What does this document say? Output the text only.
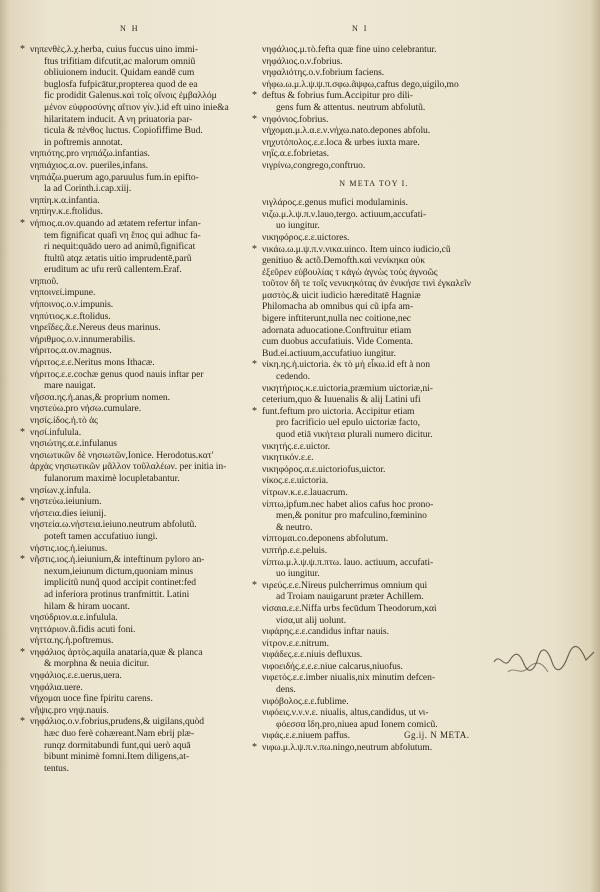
N H	N I
* νηπενθὲς.λ.χ.herba, cuius fuccus uino immi-
ftus trifitiam difcutit,ac malorum omniũ
obliuionem inducit. Quidam eandē cum
buglosfa fufpicātur,propterea quod de ea
fic prodidit Galenus.καὶ τοῖς οἴνοις ἐμβαλλόμ
μένον εὐφροσύνης αἴτιον γίν.).id eft uino inie&a
hilaritatem inducit. A νη priuatoria par-
ticula & πένθος luctus. Copiofiffime Bud.
in poftremis annotat.
νηπιότης.pro νηπιάζω.infantias.
νηπιάχιος.α.ον. pueriles,infans.
νηπιάζω.puerum ago,paruulus fum.in epifto-
la ad Corinth.i.cap.xiij.
νηπίη.κ.α.infantia.
νηπίην.κ.ε.ftolidus.
* νήπιος.α.ον.quando ad ætatem refertur infan-
tem fignificat quafi νη ἔπος qui adhuc fa-
ri nequit:quādo uero ad animũ,fignificat
ftultũ atqz ætatis uitio imprudentē,parũ
eruditum ac ufu rerũ callentem.Eraf.
νηπιοῦ.
νηποινεί.impune.
νήποινος.ο.ν.impunis.
νηπύτιος.κ.ε.ftolidus.
νηρεΐδες.ᾶ.ε.Nereus deus marinus.
νήριθμος.ο.ν.innumerabilis.
νήριτος.α.ον.magnus.
νήριτος.ε.ε.Neritus mons Ithacæ.
νήριτος.ε.ε.cochæ genus quod nauis inftar per
mare nauigat.
νῆσσα.ης.ἡ.anas,& proprium nomen.
νηστεύω.pro νήσω.cumulare.
νησίς.ίδος.ἡ.τὸ ἀς
* νησί.infulula.
νησιώτης.α.ε.infulanus
νησιωτικῶν δὲ νησιωτῶν,Ionice. Herodotus.κατ'
ἀρχὰς νησιωτικῶν μᾶλλον τοῦλαλέων. per initia in-
fulanorum maximè locupletabantur.
νησίων.χ.infula.
* νηστεύω.ieiunium.
νήστεια.dies ieiunij.
νηστεία.ω.νήστεια.ieiuno.neutrum abfolutũ.
poteft tamen accufatiuo iungi.
νήστις.ιος.ἡ.ieiunus.
* νῆστις.ιος.ἡ.ieiunium,& inteftinum pyloro an-
nexum,ieiunum dictum,quoniam minus
implicitũ nunq̃ quod accipit continet:fed
ad inferiora protinus tranfmittit. Latini
hilam & hiram uocant.
νησύδριον.α.ε.infulula.
νηττάριον.ᾶ.fidis acuti foni.
νήττα.ης.ἡ.poftremus.
* νηφάλιος ἀρτὸς.aquila anataria,quæ & planca
& morphna & neuia dicitur.
νηφάλιος.ε.ε.uerus,uera.
νηφάλια.uere.
νήχομαι uoce fine fpiritu carens.
νῆψις.pro νηψ.nauis.
* νηφάλιος.ο.ν.fobrius,prudens,& uigilans,quòd
hæc duo ferè cohæreant.Nam ebrij plæ-
runqz dormitabundi funt,qui uerò aquā
bibunt minimè fomni.Item diligens,at-
tentus.
νηφάλιος.μ.τὸ.fefta quæ fine uino celebrantur.
νηφάλιος.ο.ν.fobrius.
νηφαλιότης.ο.ν.fobrium faciens.
νήφω.ω.μ.λ.ψ.ψ.π.σφω.ᾶψφω,caftus dego,uigilo,mo
* deftus & fobrius fum.Accipitur pro dili-
gens fum & attentus. neutrum abfolutũ.
* νηφόνιος.fobrius.
νήχομαι.μ.λ.α.ε.ν.νήχω.nato.depones abfolu.
νηχυτόπολος.ε.ε.loca & urbes iuxta mare.
νηΐς.α.ε.fobrietas.
νιγρίνω,congrego,conftruo.
N META TOY I.
νιγλάρος.ε.genus mufici modulaminis.
νιζω.μ.λ.ψ.π.ν.lauo,tergo. actiuum,accufati-
uo iungitur.
νικηφόρος.ε.ε.uictores.
* νικάω.ω.μ.ψ.π.ν.νικα.uinco. Item uinco iudicio,cũ
genitiuo & actõ.Demofth.καὶ νενίκηκα οὐκ
ἐξεῦρεν εὐβουλίας τ κἀγὼ ἀγνὼς τοὺς ἀγνοῶς
τοῦτον δῆ τε τοῖς νενικηκότας ἀν ἐνικήσε τινὶ ἐγκαλεῖν
μαστὸς.& uicit iudicio hæreditatē Hagniæ
Philomacha ab omnibus qui cũ ipfa am-
bigere inftiterunt,nulla nec coitione,nec
adornata aduocatione.Conftruitur etiam
cum duobus accufatiuis. Vide Comenta.
Bud.ei.actiuum,accufatiuo iungitur.
* νίκη.ης.ἡ.uictoria. ἐκ τὸ μὴ εἶκω.id eft à non
cedendo.
νικητήριος.κ.ε.uictoria,præmium uictoriæ,ni-
ceterium,quo & Iuuenalis & alij Latini ufi
* funt.feftum pro uictoria. Accipitur etiam
pro facrificio uel epulo uictoriæ facto,
quod etiā νικήτεια plurali numero dicitur.
νικητής.ε.ε.uictor.
νικητικόν.ε.ε.
νικηφόρος.α.ε.uictoriofus,uictor.
νίκος.ε.ε.uictoria.
νίτρων.κ.ε.ε.lauacrum.
νίπτω,ipfum.nec habet alios cafus hoc prono-
men,& ponitur pro mafculino,fœminino
& neutro.
νίπτομαι.co.deponens abfolutum.
νιπτήρ.ε.ε.peluis.
νίπτω.μ.λ.ψ.ψ.π.πτω. lauo. actiuum, accufati-
uo iungitur.
* νιρεύς.ε.ε.Nireus pulcherrimus omnium qui
ad Troiam nauigarunt præter Achillem.
νίσαια.ε.ε.Niffa urbs fecūdum Theodorum,καὶ
νίσα,ut alij uolunt.
νιφάρης.ε.ε.candidus inftar nauis.
νίτρον.ε.ε.nitrum.
νιφάδες.ε.ε.niuis defluxus.
νιφοειδής.ε.ε.ε.niue calcarus,niuofus.
νιφετός.ε.ε.imber niualis,nix minutim defcen-
dens.
νιφόβολος.ε.ε.fublime.
νιφόεις.ν.ν.ν.ε. niualis, altus,candidus, ut νι-
φόεσσα ἴδη.pro,niuea apud Ionem comicũ.
νιφάς.ε.ε.niuem paffus.
* νιφω.μ.λ.ψ.π.ν.πω.ningo,neutrum abfolutum.
Gg.ij. N META.
